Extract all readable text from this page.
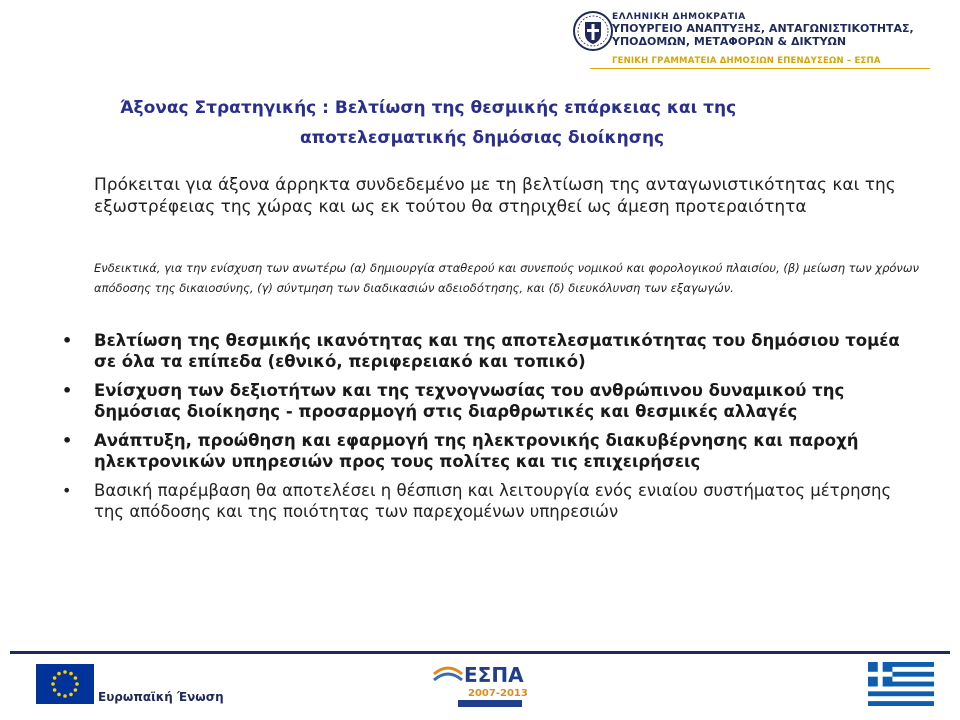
ΕΛΛΗΝΙΚΗ ΔΗΜΟΚΡΑΤΙΑ
ΥΠΟΥΡΓΕΙΟ ΑΝΑΠΤΥΞΗΣ, ΑΝΤΑΓΩΝΙΣΤΙΚΟΤΗΤΑΣ,
ΥΠΟΔΟΜΩΝ, ΜΕΤΑΦΟΡΩΝ & ΔΙΚΤΥΩΝ
ΓΕΝΙΚΗ ΓΡΑΜΜΑΤΕΙΑ ΔΗΜΟΣΙΩΝ ΕΠΕΝΔΥΣΕΩΝ – ΕΣΠΑ
Άξονας Στρατηγικής : Βελτίωση της θεσμικής επάρκειας και της
αποτελεσματικής δημόσιας διοίκησης
Πρόκειται για άξονα άρρηκτα συνδεδεμένο με τη βελτίωση της ανταγωνιστικότητας και της εξωστρέφειας της χώρας και ως εκ τούτου θα στηριχθεί ως άμεση προτεραιότητα
Ενδεικτικά, για την ενίσχυση των ανωτέρω (α) δημιουργία σταθερού και συνεπούς νομικού και φορολογικού πλαισίου, (β) μείωση των χρόνων απόδοσης της δικαιοσύνης, (γ) σύντμηση των διαδικασιών αδειοδότησης, και (δ) διευκόλυνση των εξαγωγών.
• Βελτίωση της θεσμικής ικανότητας και της αποτελεσματικότητας του δημόσιου τομέα σε όλα τα επίπεδα (εθνικό, περιφερειακό και τοπικό)
• Ενίσχυση των δεξιοτήτων και της τεχνογνωσίας του ανθρώπινου δυναμικού της δημόσιας διοίκησης - προσαρμογή στις διαρθρωτικές και θεσμικές αλλαγές
• Ανάπτυξη, προώθηση και εφαρμογή της ηλεκτρονικής διακυβέρνησης και παροχή ηλεκτρονικών υπηρεσιών προς τους πολίτες και τις επιχειρήσεις
• Βασική παρέμβαση θα αποτελέσει η θέσπιση και λειτουργία ενός ενιαίου συστήματος μέτρησης της απόδοσης και της ποιότητας των παρεχομένων υπηρεσιών
Ευρωπαϊκή Ένωση
ΕΣΠΑ
2007-2013
